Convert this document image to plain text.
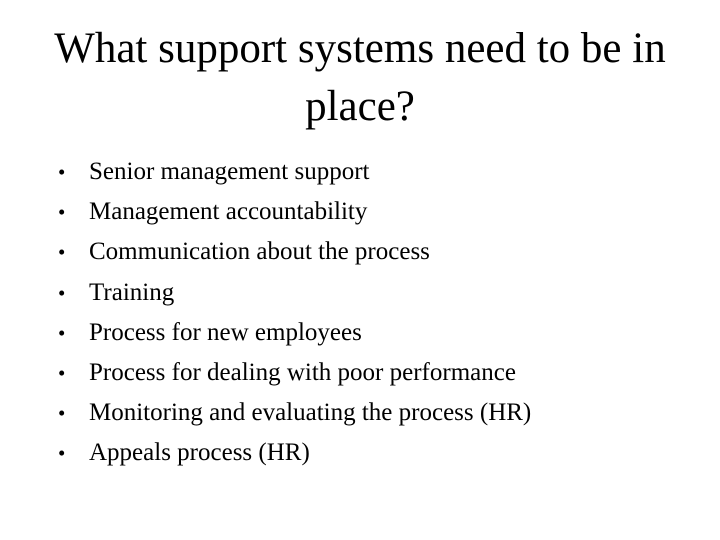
What support systems need to be in place?
• Senior management support
• Management accountability
• Communication about the process
• Training
• Process for new employees
• Process for dealing with poor performance
• Monitoring and evaluating the process (HR)
• Appeals process (HR)
